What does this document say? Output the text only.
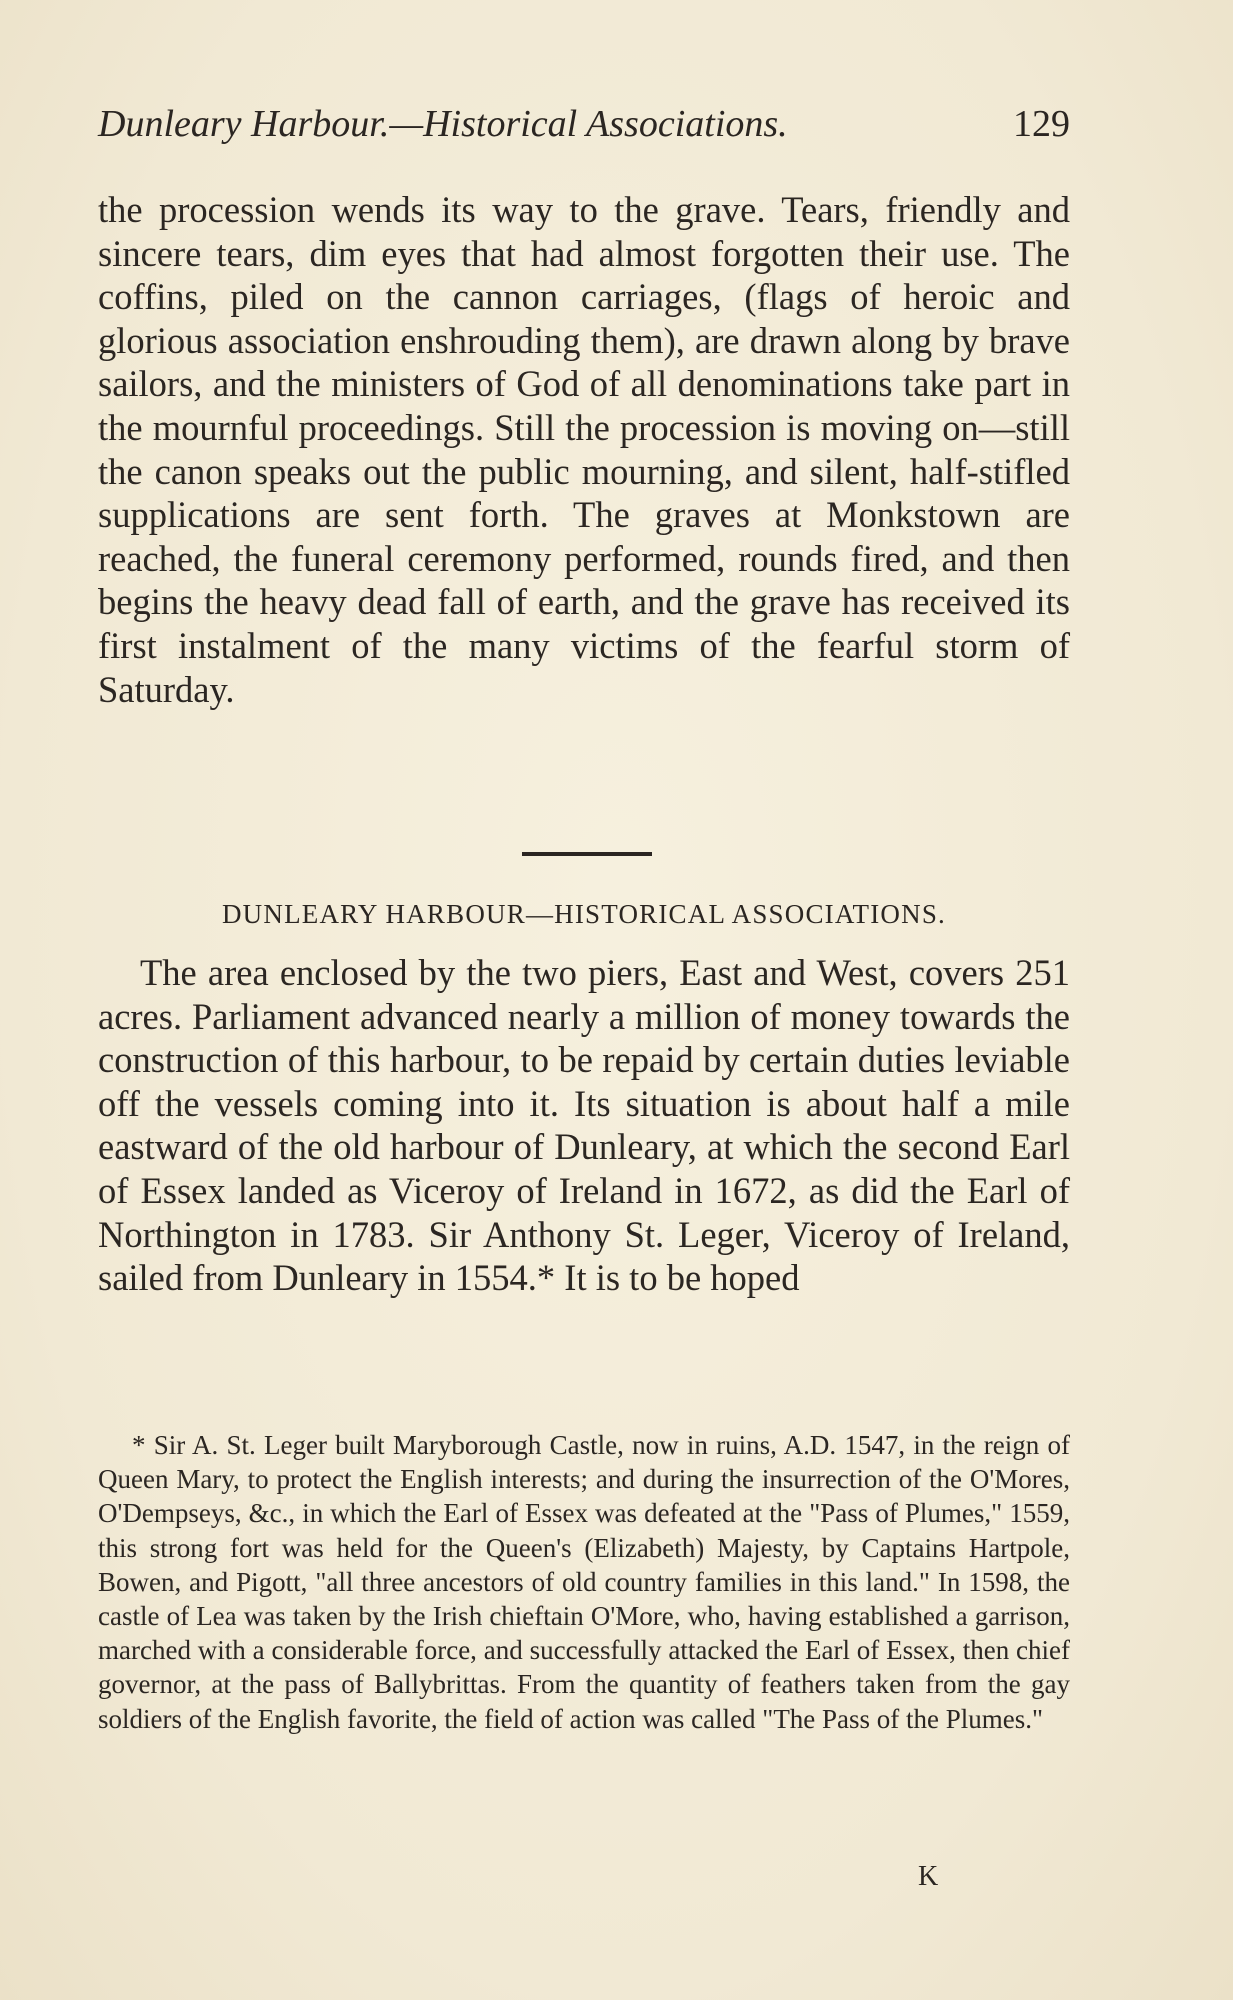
Dunleary Harbour.—Historical Associations.	129

the procession wends its way to the grave. Tears, friendly and sincere tears, dim eyes that had almost forgotten their use. The coffins, piled on the cannon carriages, (flags of heroic and glorious association enshrouding them), are drawn along by brave sailors, and the ministers of God of all denominations take part in the mournful proceedings. Still the procession is moving on—still the canon speaks out the public mourning, and silent, half-stifled supplications are sent forth. The graves at Monkstown are reached, the funeral ceremony performed, rounds fired, and then begins the heavy dead fall of earth, and the grave has received its first instalment of the many victims of the fearful storm of Saturday.

DUNLEARY HARBOUR—HISTORICAL ASSOCIATIONS.

The area enclosed by the two piers, East and West, covers 251 acres. Parliament advanced nearly a million of money towards the construction of this harbour, to be repaid by certain duties leviable off the vessels coming into it. Its situation is about half a mile eastward of the old harbour of Dunleary, at which the second Earl of Essex landed as Viceroy of Ireland in 1672, as did the Earl of Northington in 1783. Sir Anthony St. Leger, Viceroy of Ireland, sailed from Dunleary in 1554.* It is to be hoped

* Sir A. St. Leger built Maryborough Castle, now in ruins, A.D. 1547, in the reign of Queen Mary, to protect the English interests; and during the insurrection of the O'Mores, O'Dempseys, &c., in which the Earl of Essex was defeated at the "Pass of Plumes," 1559, this strong fort was held for the Queen's (Elizabeth) Majesty, by Captains Hartpole, Bowen, and Pigott, "all three ancestors of old country families in this land." In 1598, the castle of Lea was taken by the Irish chieftain O'More, who, having established a garrison, marched with a considerable force, and successfully attacked the Earl of Essex, then chief governor, at the pass of Ballybrittas. From the quantity of feathers taken from the gay soldiers of the English favorite, the field of action was called "The Pass of the Plumes."

K
